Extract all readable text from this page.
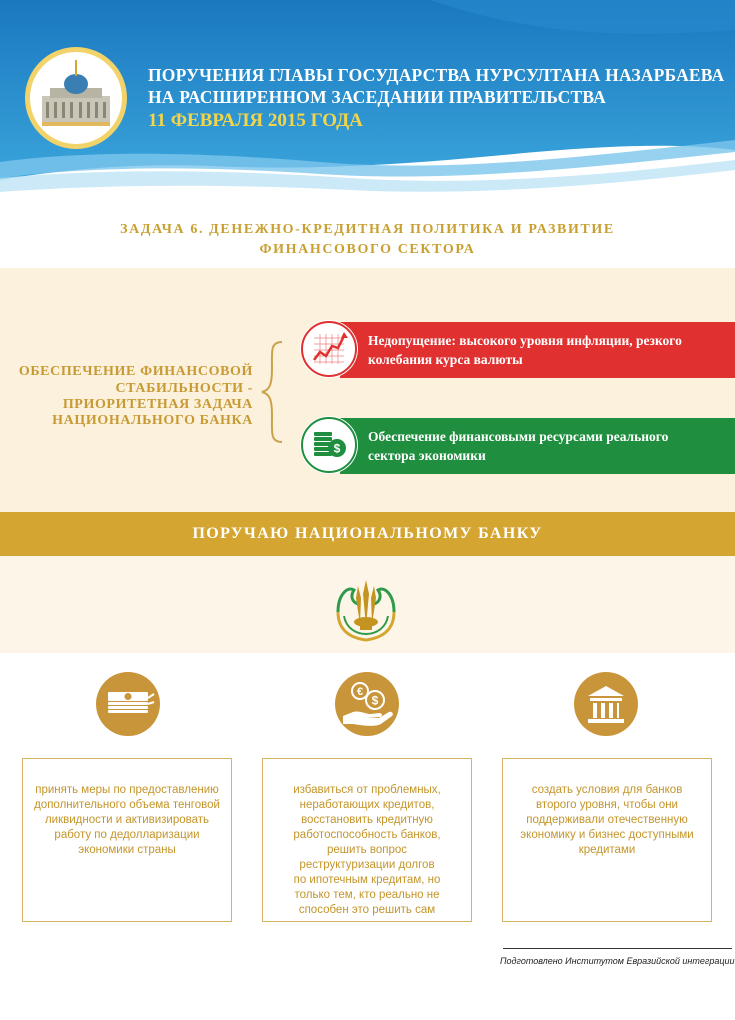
ПОРУЧЕНИЯ ГЛАВЫ ГОСУДАРСТВА НУРСУЛТАНА НАЗАРБАЕВА
НА РАСШИРЕННОМ ЗАСЕДАНИИ ПРАВИТЕЛЬСТВА
11 ФЕВРАЛЯ 2015 ГОДА
ЗАДАЧА 6. ДЕНЕЖНО-КРЕДИТНАЯ ПОЛИТИКА И РАЗВИТИЕ
ФИНАНСОВОГО СЕКТОРА
ОБЕСПЕЧЕНИЕ ФИНАНСОВОЙ
СТАБИЛЬНОСТИ -
ПРИОРИТЕТНАЯ ЗАДАЧА
НАЦИОНАЛЬНОГО БАНКА
Недопущение: высокого уровня инфляции, резкого
колебания курса валюты
$
Обеспечение финансовыми ресурсами реального
сектора экономики
ПОРУЧАЮ НАЦИОНАЛЬНОМУ БАНКУ
€
$
принять меры по предоставлению
дополнительного объема тенговой
ликвидности и активизировать
работу по дедолларизации
экономики страны
избавиться от проблемных,
неработающих кредитов,
восстановить кредитную
работоспособность банков,
решить вопрос
реструктуризации долгов
по ипотечным кредитам, но
только тем, кто реально не
способен это решить сам
создать условия для банков
второго уровня, чтобы они
поддерживали отечественную
экономику и бизнес доступными
кредитами
Подготовлено Институтом Евразийской интеграции
